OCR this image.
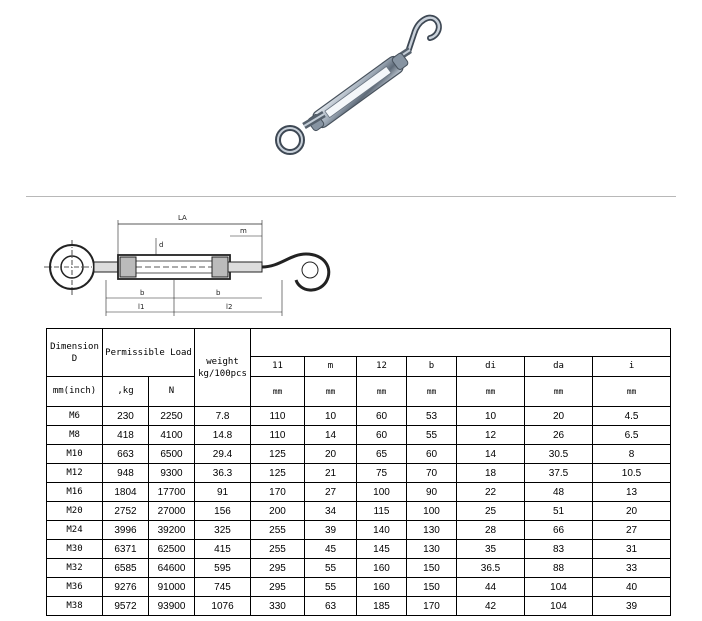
LA
d
m
b	b
l1	l2
Dimension D	Permissible Load		weight kg/100pcs							
				11	m	12	b	di	da	i
mm(inch)	,kg	N		mm	mm	mm	mm	mm	mm	mm
M6	230	2250	7.8	110	10	60	53	10	20	4.5
M8	418	4100	14.8	110	14	60	55	12	26	6.5
M10	663	6500	29.4	125	20	65	60	14	30.5	8
M12	948	9300	36.3	125	21	75	70	18	37.5	10.5
M16	1804	17700	91	170	27	100	90	22	48	13
M20	2752	27000	156	200	34	115	100	25	51	20
M24	3996	39200	325	255	39	140	130	28	66	27
M30	6371	62500	415	255	45	145	130	35	83	31
M32	6585	64600	595	295	55	160	150	36.5	88	33
M36	9276	91000	745	295	55	160	150	44	104	40
M38	9572	93900	1076	330	63	185	170	42	104	39
